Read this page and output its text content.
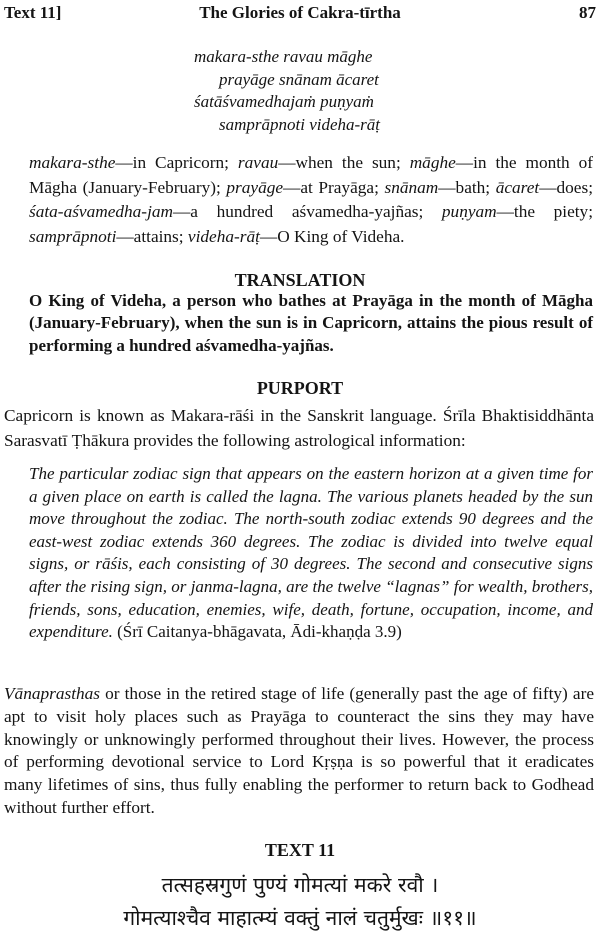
Text 11]	The Glories of Cakra-tīrtha	87
makara-sthe ravau māghe
prayāge snānam ācaret
śatāśvamedhajaṁ puṇyaṁ
samprāpnoti videha-rāṭ
makara-sthe—in Capricorn; ravau—when the sun; māghe—in the month of Māgha (January-February); prayāge—at Prayāga; snānam—bath; ācaret—does; śata-aśvamedha-jam—a hundred aśvamedha-yajñas; puṇyam—the piety; samprāpnoti—attains; videha-rāṭ—O King of Videha.
TRANSLATION
O King of Videha, a person who bathes at Prayāga in the month of Māgha (January-February), when the sun is in Capricorn, attains the pious result of performing a hundred aśvamedha-yajñas.
PURPORT
Capricorn is known as Makara-rāśi in the Sanskrit language. Śrīla Bhaktisiddhānta Sarasvatī Ṭhākura provides the following astrological information:
The particular zodiac sign that appears on the eastern horizon at a given time for a given place on earth is called the lagna. The various planets headed by the sun move throughout the zodiac. The north-south zodiac extends 90 degrees and the east-west zodiac extends 360 degrees. The zodiac is divided into twelve equal signs, or rāśis, each consisting of 30 degrees. The second and consecutive signs after the rising sign, or janma-lagna, are the twelve “lagnas” for wealth, brothers, friends, sons, education, enemies, wife, death, fortune, occupation, income, and expenditure. (Śrī Caitanya-bhāgavata, Ādi-khaṇḍa 3.9)
Vānaprasthas or those in the retired stage of life (generally past the age of fifty) are apt to visit holy places such as Prayāga to counteract the sins they may have knowingly or unknowingly performed throughout their lives. However, the process of performing devotional service to Lord Kṛṣṇa is so powerful that it eradicates many lifetimes of sins, thus fully enabling the performer to return back to Godhead without further effort.
TEXT 11
तत्सहस्रगुणं पुण्यं गोमत्यां मकरे रवौ ।
गोमत्याश्चैव माहात्म्यं वक्तुं नालं चतुर्मुखः ॥११॥
